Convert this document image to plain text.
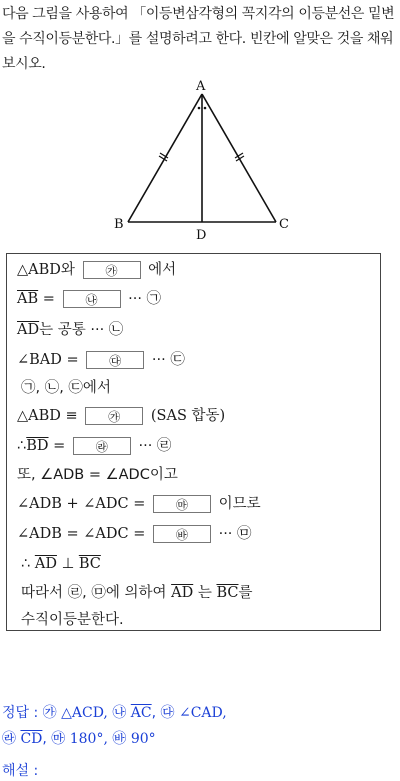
다음 그림을 사용하여 「이등변삼각형의 꼭지각의 이등분선은 밑변을 수직이등분한다.」를 설명하려고 한다. 빈칸에 알맞은 것을 채워보시오.
A
B	C
D
△ABD와	㉮ 에서
$\overline{AB}$ =	㉯ ··· ㉠
$\overline{AD}$는 공통 ··· ㉡
∠BAD =	㉰ ··· ㉢
㉠, ㉡, ㉢에서
△ABD ≡	㉮ (SAS 합동)
$\therefore\overline{BD}$ =	㉱ ··· ㉣
또, ∠ADB = ∠ADC이고
∠ADB + ∠ADC =	㉲ 이므로
∠ADB = ∠ADC =	㉳ ··· ㉤
∴ $\overline{AD}$ ⊥ $\overline{BC}$
따라서 ㉣, ㉤에 의하여 $\overline{AD}$ 는 $\overline{BC}$를
수직이등분한다.
정답 : ㉮ △ACD, ㉯ $\overline{AC}$, ㉰ ∠CAD,
㉱ $\overline{CD}$, ㉲ 180°, ㉳ 90°
해설 :
